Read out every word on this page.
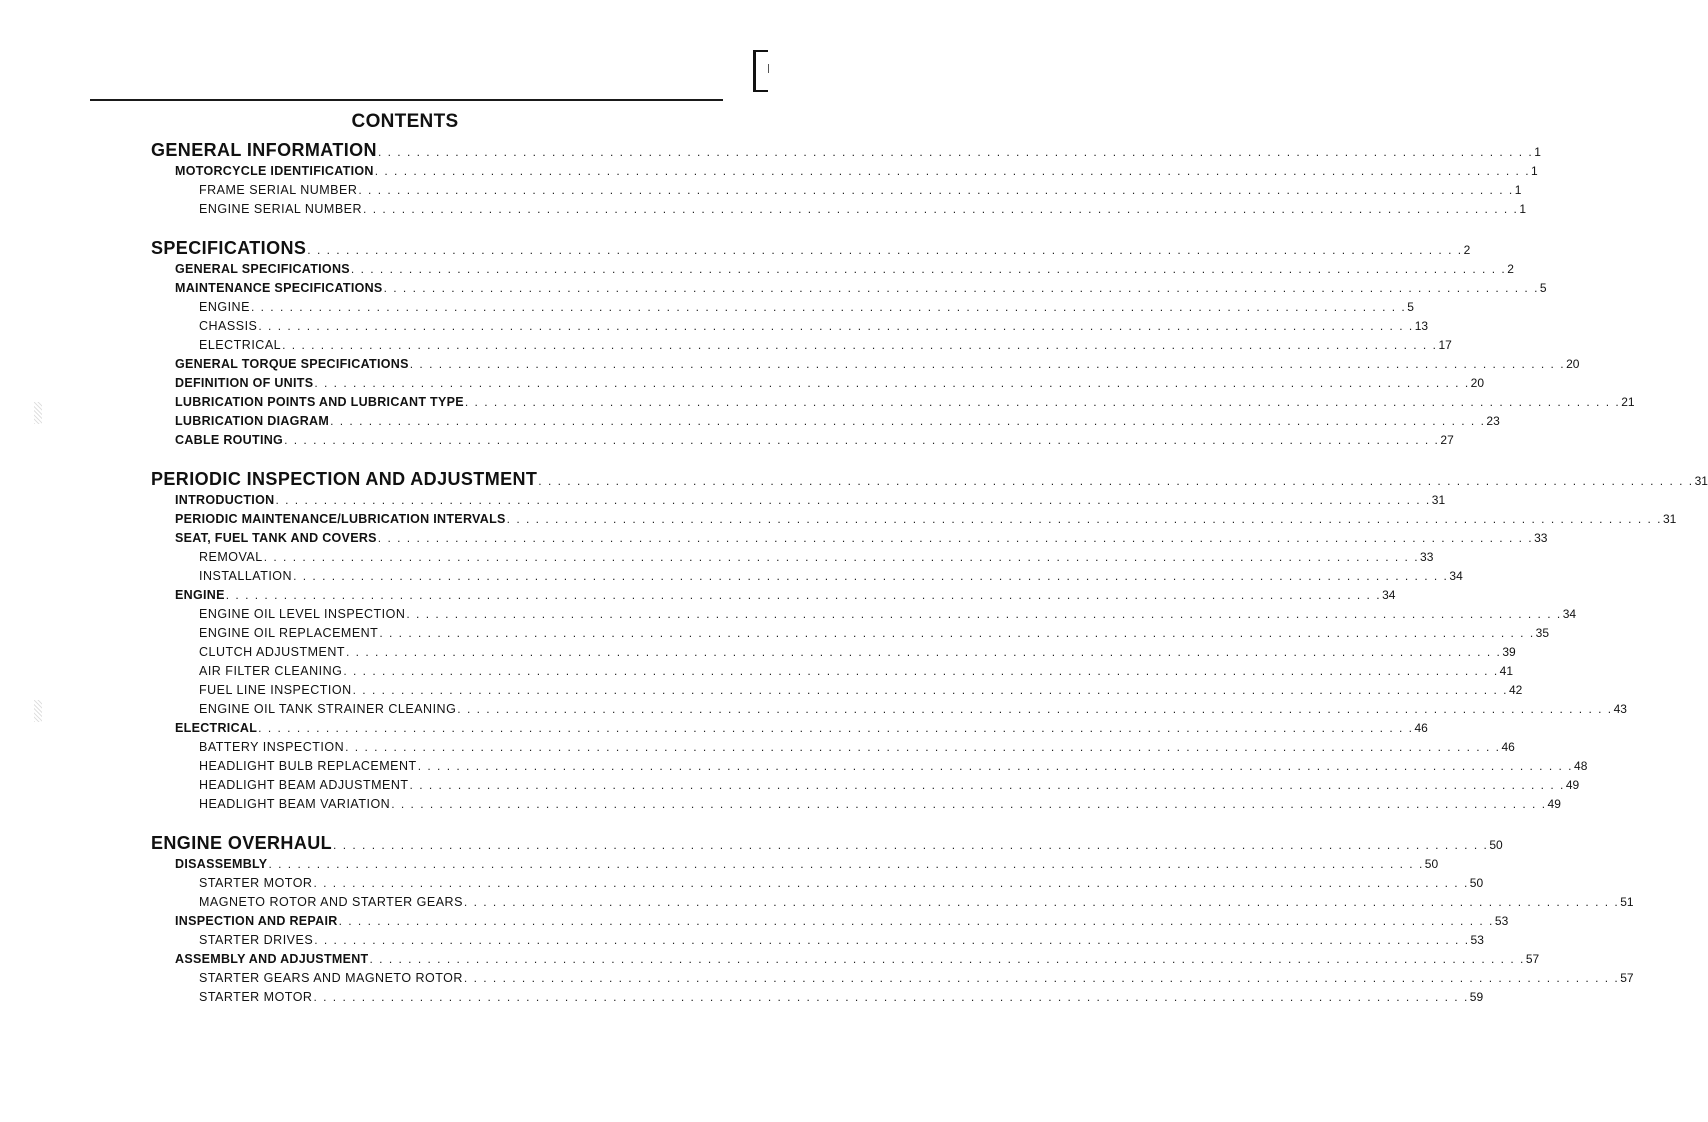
CONTENTS
GENERAL INFORMATION . . . . . . . . . . . . . . . . . . . . . . . . . . . . . . . . . . . . . . . . . . . . . . . . . . . . . . . . . . . . . . . . . . . . . . . . . . . . . . . . . . . . . . . . . . . . . . . . . . . . . . . . . . . . . . . . . . . . . . . . 1
MOTORCYCLE IDENTIFICATION . . . . . . . . . . . . . . . . . . . . . . . . . . . . . . . . . . . . . . . . . . . . . . . . . . . . . . . . . . . . . . . . . . . . . . . . . . . . . . . . . . . . . . . . . . . . . . . . . . . . . . . . . . . . . . . . . . . . . . . . 1
FRAME SERIAL NUMBER . . . . . . . . . . . . . . . . . . . . . . . . . . . . . . . . . . . . . . . . . . . . . . . . . . . . . . . . . . . . . . . . . . . . . . . . . . . . . . . . . . . . . . . . . . . . . . . . . . . . . . . . . . . . . . . . . . . . . . . . 1
ENGINE SERIAL NUMBER . . . . . . . . . . . . . . . . . . . . . . . . . . . . . . . . . . . . . . . . . . . . . . . . . . . . . . . . . . . . . . . . . . . . . . . . . . . . . . . . . . . . . . . . . . . . . . . . . . . . . . . . . . . . . . . . . . . . . . . . 1
SPECIFICATIONS . . . . . . . . . . . . . . . . . . . . . . . . . . . . . . . . . . . . . . . . . . . . . . . . . . . . . . . . . . . . . . . . . . . . . . . . . . . . . . . . . . . . . . . . . . . . . . . . . . . . . . . . . . . . . . . . . . . . . . . . 2
GENERAL SPECIFICATIONS . . . . . . . . . . . . . . . . . . . . . . . . . . . . . . . . . . . . . . . . . . . . . . . . . . . . . . . . . . . . . . . . . . . . . . . . . . . . . . . . . . . . . . . . . . . . . . . . . . . . . . . . . . . . . . . . . . . . . . . . 2
MAINTENANCE SPECIFICATIONS . . . . . . . . . . . . . . . . . . . . . . . . . . . . . . . . . . . . . . . . . . . . . . . . . . . . . . . . . . . . . . . . . . . . . . . . . . . . . . . . . . . . . . . . . . . . . . . . . . . . . . . . . . . . . . . . . . . . . . . . 5
ENGINE . . . . . . . . . . . . . . . . . . . . . . . . . . . . . . . . . . . . . . . . . . . . . . . . . . . . . . . . . . . . . . . . . . . . . . . . . . . . . . . . . . . . . . . . . . . . . . . . . . . . . . . . . . . . . . . . . . . . . . . . 5
CHASSIS . . . . . . . . . . . . . . . . . . . . . . . . . . . . . . . . . . . . . . . . . . . . . . . . . . . . . . . . . . . . . . . . . . . . . . . . . . . . . . . . . . . . . . . . . . . . . . . . . . . . . . . . . . . . . . . . . . . . . . . . 13
ELECTRICAL . . . . . . . . . . . . . . . . . . . . . . . . . . . . . . . . . . . . . . . . . . . . . . . . . . . . . . . . . . . . . . . . . . . . . . . . . . . . . . . . . . . . . . . . . . . . . . . . . . . . . . . . . . . . . . . . . . . . . . . . 17
GENERAL TORQUE SPECIFICATIONS . . . . . . . . . . . . . . . . . . . . . . . . . . . . . . . . . . . . . . . . . . . . . . . . . . . . . . . . . . . . . . . . . . . . . . . . . . . . . . . . . . . . . . . . . . . . . . . . . . . . . . . . . . . . . . . . . . . . . . . . 20
DEFINITION OF UNITS . . . . . . . . . . . . . . . . . . . . . . . . . . . . . . . . . . . . . . . . . . . . . . . . . . . . . . . . . . . . . . . . . . . . . . . . . . . . . . . . . . . . . . . . . . . . . . . . . . . . . . . . . . . . . . . . . . . . . . . . 20
LUBRICATION POINTS AND LUBRICANT TYPE . . . . . . . . . . . . . . . . . . . . . . . . . . . . . . . . . . . . . . . . . . . . . . . . . . . . . . . . . . . . . . . . . . . . . . . . . . . . . . . . . . . . . . . . . . . . . . . . . . . . . . . . . . . . . . . . . . . . . . . . 21
LUBRICATION DIAGRAM . . . . . . . . . . . . . . . . . . . . . . . . . . . . . . . . . . . . . . . . . . . . . . . . . . . . . . . . . . . . . . . . . . . . . . . . . . . . . . . . . . . . . . . . . . . . . . . . . . . . . . . . . . . . . . . . . . . . . . . . 23
CABLE ROUTING . . . . . . . . . . . . . . . . . . . . . . . . . . . . . . . . . . . . . . . . . . . . . . . . . . . . . . . . . . . . . . . . . . . . . . . . . . . . . . . . . . . . . . . . . . . . . . . . . . . . . . . . . . . . . . . . . . . . . . . . 27
PERIODIC INSPECTION AND ADJUSTMENT . . . . . . . . . . . . . . . . . . . . . . . . . . . . . . . . . . . . . . . . . . . . . . . . . . . . . . . . . . . . . . . . . . . . . . . . . . . . . . . . . . . . . . . . . . . . . . . . . . . . . . . . . . . . . . . . . . . . . . . . 31
INTRODUCTION . . . . . . . . . . . . . . . . . . . . . . . . . . . . . . . . . . . . . . . . . . . . . . . . . . . . . . . . . . . . . . . . . . . . . . . . . . . . . . . . . . . . . . . . . . . . . . . . . . . . . . . . . . . . . . . . . . . . . . . . 31
PERIODIC MAINTENANCE/LUBRICATION INTERVALS . . . . . . . . . . . . . . . . . . . . . . . . . . . . . . . . . . . . . . . . . . . . . . . . . . . . . . . . . . . . . . . . . . . . . . . . . . . . . . . . . . . . . . . . . . . . . . . . . . . . . . . . . . . . . . . . . . . . . . . . 31
SEAT, FUEL TANK AND COVERS . . . . . . . . . . . . . . . . . . . . . . . . . . . . . . . . . . . . . . . . . . . . . . . . . . . . . . . . . . . . . . . . . . . . . . . . . . . . . . . . . . . . . . . . . . . . . . . . . . . . . . . . . . . . . . . . . . . . . . . . 33
REMOVAL . . . . . . . . . . . . . . . . . . . . . . . . . . . . . . . . . . . . . . . . . . . . . . . . . . . . . . . . . . . . . . . . . . . . . . . . . . . . . . . . . . . . . . . . . . . . . . . . . . . . . . . . . . . . . . . . . . . . . . . . 33
INSTALLATION . . . . . . . . . . . . . . . . . . . . . . . . . . . . . . . . . . . . . . . . . . . . . . . . . . . . . . . . . . . . . . . . . . . . . . . . . . . . . . . . . . . . . . . . . . . . . . . . . . . . . . . . . . . . . . . . . . . . . . . . 34
ENGINE . . . . . . . . . . . . . . . . . . . . . . . . . . . . . . . . . . . . . . . . . . . . . . . . . . . . . . . . . . . . . . . . . . . . . . . . . . . . . . . . . . . . . . . . . . . . . . . . . . . . . . . . . . . . . . . . . . . . . . . . 34
ENGINE OIL LEVEL INSPECTION . . . . . . . . . . . . . . . . . . . . . . . . . . . . . . . . . . . . . . . . . . . . . . . . . . . . . . . . . . . . . . . . . . . . . . . . . . . . . . . . . . . . . . . . . . . . . . . . . . . . . . . . . . . . . . . . . . . . . . . . 34
ENGINE OIL REPLACEMENT . . . . . . . . . . . . . . . . . . . . . . . . . . . . . . . . . . . . . . . . . . . . . . . . . . . . . . . . . . . . . . . . . . . . . . . . . . . . . . . . . . . . . . . . . . . . . . . . . . . . . . . . . . . . . . . . . . . . . . . . 35
CLUTCH ADJUSTMENT . . . . . . . . . . . . . . . . . . . . . . . . . . . . . . . . . . . . . . . . . . . . . . . . . . . . . . . . . . . . . . . . . . . . . . . . . . . . . . . . . . . . . . . . . . . . . . . . . . . . . . . . . . . . . . . . . . . . . . . . 39
AIR FILTER CLEANING . . . . . . . . . . . . . . . . . . . . . . . . . . . . . . . . . . . . . . . . . . . . . . . . . . . . . . . . . . . . . . . . . . . . . . . . . . . . . . . . . . . . . . . . . . . . . . . . . . . . . . . . . . . . . . . . . . . . . . . . 41
FUEL LINE INSPECTION . . . . . . . . . . . . . . . . . . . . . . . . . . . . . . . . . . . . . . . . . . . . . . . . . . . . . . . . . . . . . . . . . . . . . . . . . . . . . . . . . . . . . . . . . . . . . . . . . . . . . . . . . . . . . . . . . . . . . . . . 42
ENGINE OIL TANK STRAINER CLEANING . . . . . . . . . . . . . . . . . . . . . . . . . . . . . . . . . . . . . . . . . . . . . . . . . . . . . . . . . . . . . . . . . . . . . . . . . . . . . . . . . . . . . . . . . . . . . . . . . . . . . . . . . . . . . . . . . . . . . . . . 43
ELECTRICAL . . . . . . . . . . . . . . . . . . . . . . . . . . . . . . . . . . . . . . . . . . . . . . . . . . . . . . . . . . . . . . . . . . . . . . . . . . . . . . . . . . . . . . . . . . . . . . . . . . . . . . . . . . . . . . . . . . . . . . . . 46
BATTERY INSPECTION . . . . . . . . . . . . . . . . . . . . . . . . . . . . . . . . . . . . . . . . . . . . . . . . . . . . . . . . . . . . . . . . . . . . . . . . . . . . . . . . . . . . . . . . . . . . . . . . . . . . . . . . . . . . . . . . . . . . . . . . 46
HEADLIGHT BULB REPLACEMENT . . . . . . . . . . . . . . . . . . . . . . . . . . . . . . . . . . . . . . . . . . . . . . . . . . . . . . . . . . . . . . . . . . . . . . . . . . . . . . . . . . . . . . . . . . . . . . . . . . . . . . . . . . . . . . . . . . . . . . . . 48
HEADLIGHT BEAM ADJUSTMENT . . . . . . . . . . . . . . . . . . . . . . . . . . . . . . . . . . . . . . . . . . . . . . . . . . . . . . . . . . . . . . . . . . . . . . . . . . . . . . . . . . . . . . . . . . . . . . . . . . . . . . . . . . . . . . . . . . . . . . . . 49
HEADLIGHT BEAM VARIATION . . . . . . . . . . . . . . . . . . . . . . . . . . . . . . . . . . . . . . . . . . . . . . . . . . . . . . . . . . . . . . . . . . . . . . . . . . . . . . . . . . . . . . . . . . . . . . . . . . . . . . . . . . . . . . . . . . . . . . . . 49
ENGINE OVERHAUL . . . . . . . . . . . . . . . . . . . . . . . . . . . . . . . . . . . . . . . . . . . . . . . . . . . . . . . . . . . . . . . . . . . . . . . . . . . . . . . . . . . . . . . . . . . . . . . . . . . . . . . . . . . . . . . . . . . . . . . . 50
DISASSEMBLY . . . . . . . . . . . . . . . . . . . . . . . . . . . . . . . . . . . . . . . . . . . . . . . . . . . . . . . . . . . . . . . . . . . . . . . . . . . . . . . . . . . . . . . . . . . . . . . . . . . . . . . . . . . . . . . . . . . . . . . . 50
STARTER MOTOR . . . . . . . . . . . . . . . . . . . . . . . . . . . . . . . . . . . . . . . . . . . . . . . . . . . . . . . . . . . . . . . . . . . . . . . . . . . . . . . . . . . . . . . . . . . . . . . . . . . . . . . . . . . . . . . . . . . . . . . . 50
MAGNETO ROTOR AND STARTER GEARS . . . . . . . . . . . . . . . . . . . . . . . . . . . . . . . . . . . . . . . . . . . . . . . . . . . . . . . . . . . . . . . . . . . . . . . . . . . . . . . . . . . . . . . . . . . . . . . . . . . . . . . . . . . . . . . . . . . . . . . . 51
INSPECTION AND REPAIR . . . . . . . . . . . . . . . . . . . . . . . . . . . . . . . . . . . . . . . . . . . . . . . . . . . . . . . . . . . . . . . . . . . . . . . . . . . . . . . . . . . . . . . . . . . . . . . . . . . . . . . . . . . . . . . . . . . . . . . . 53
STARTER DRIVES . . . . . . . . . . . . . . . . . . . . . . . . . . . . . . . . . . . . . . . . . . . . . . . . . . . . . . . . . . . . . . . . . . . . . . . . . . . . . . . . . . . . . . . . . . . . . . . . . . . . . . . . . . . . . . . . . . . . . . . . 53
ASSEMBLY AND ADJUSTMENT . . . . . . . . . . . . . . . . . . . . . . . . . . . . . . . . . . . . . . . . . . . . . . . . . . . . . . . . . . . . . . . . . . . . . . . . . . . . . . . . . . . . . . . . . . . . . . . . . . . . . . . . . . . . . . . . . . . . . . . . 57
STARTER GEARS AND MAGNETO ROTOR . . . . . . . . . . . . . . . . . . . . . . . . . . . . . . . . . . . . . . . . . . . . . . . . . . . . . . . . . . . . . . . . . . . . . . . . . . . . . . . . . . . . . . . . . . . . . . . . . . . . . . . . . . . . . . . . . . . . . . . . 57
STARTER MOTOR . . . . . . . . . . . . . . . . . . . . . . . . . . . . . . . . . . . . . . . . . . . . . . . . . . . . . . . . . . . . . . . . . . . . . . . . . . . . . . . . . . . . . . . . . . . . . . . . . . . . . . . . . . . . . . . . . . . . . . . . 59
